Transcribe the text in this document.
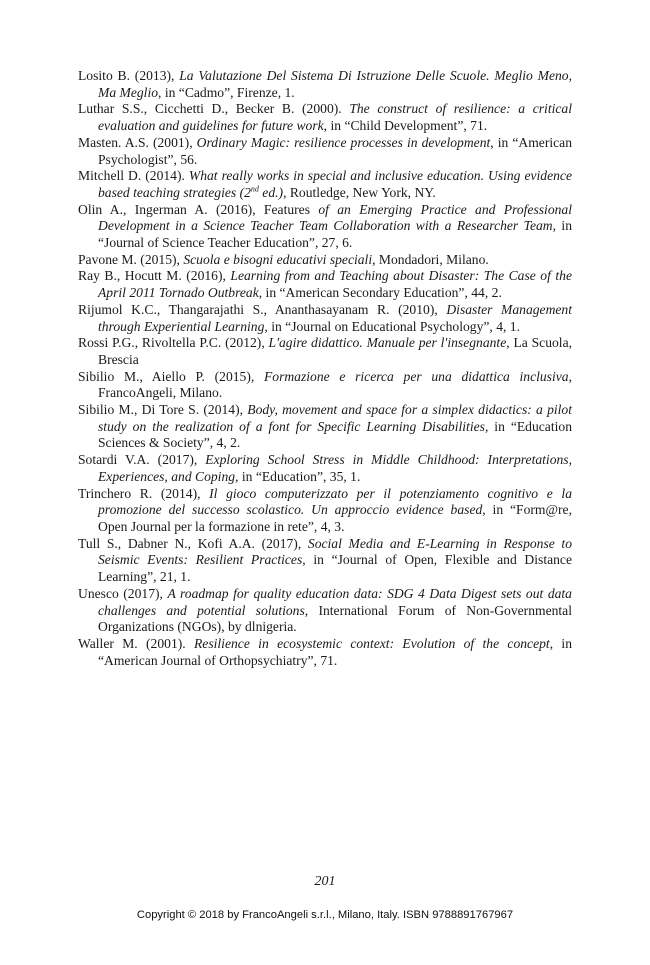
Losito B. (2013), La Valutazione Del Sistema Di Istruzione Delle Scuole. Meglio Meno, Ma Meglio, in “Cadmo”, Firenze, 1.
Luthar S.S., Cicchetti D., Becker B. (2000). The construct of resilience: a critical evaluation and guidelines for future work, in “Child Development”, 71.
Masten. A.S. (2001), Ordinary Magic: resilience processes in development, in “American Psychologist”, 56.
Mitchell D. (2014). What really works in special and inclusive education. Using evidence based teaching strategies (2nd ed.), Routledge, New York, NY.
Olin A., Ingerman A. (2016), Features of an Emerging Practice and Professional Development in a Science Teacher Team Collaboration with a Researcher Team, in “Journal of Science Teacher Education”, 27, 6.
Pavone M. (2015), Scuola e bisogni educativi speciali, Mondadori, Milano.
Ray B., Hocutt M. (2016), Learning from and Teaching about Disaster: The Case of the April 2011 Tornado Outbreak, in “American Secondary Education”, 44, 2.
Rijumol K.C., Thangarajathi S., Ananthasayanam R. (2010), Disaster Management through Experiential Learning, in “Journal on Educational Psychology”, 4, 1.
Rossi P.G., Rivoltella P.C. (2012), L'agire didattico. Manuale per l'insegnante, La Scuola, Brescia
Sibilio M., Aiello P. (2015), Formazione e ricerca per una didattica inclusiva, FrancoAngeli, Milano.
Sibilio M., Di Tore S. (2014), Body, movement and space for a simplex didactics: a pilot study on the realization of a font for Specific Learning Disabilities, in “Education Sciences & Society”, 4, 2.
Sotardi V.A. (2017), Exploring School Stress in Middle Childhood: Interpretations, Experiences, and Coping, in “Education”, 35, 1.
Trinchero R. (2014), Il gioco computerizzato per il potenziamento cognitivo e la promozione del successo scolastico. Un approccio evidence based, in “Form@re, Open Journal per la formazione in rete”, 4, 3.
Tull S., Dabner N., Kofi A.A. (2017), Social Media and E-Learning in Response to Seismic Events: Resilient Practices, in “Journal of Open, Flexible and Distance Learning”, 21, 1.
Unesco (2017), A roadmap for quality education data: SDG 4 Data Digest sets out data challenges and potential solutions, International Forum of Non-Governmental Organizations (NGOs), by dlnigeria.
Waller M. (2001). Resilience in ecosystemic context: Evolution of the concept, in “American Journal of Orthopsychiatry”, 71.

201

Copyright © 2018 by FrancoAngeli s.r.l., Milano, Italy. ISBN 9788891767967
